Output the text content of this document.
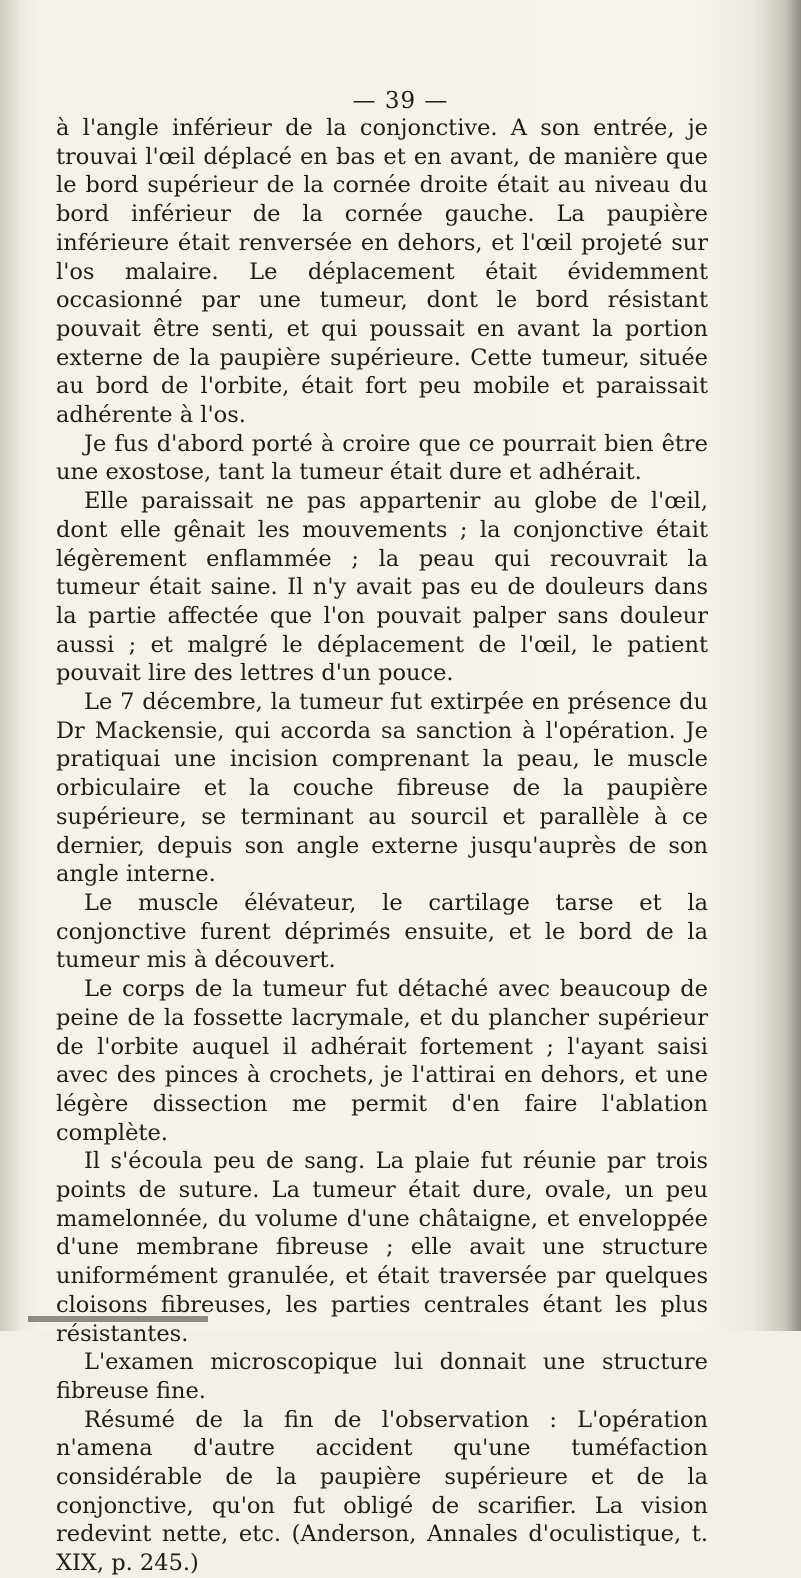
— 39 —

à l'angle inférieur de la conjonctive. A son entrée, je trouvai l'œil déplacé en bas et en avant, de manière que le bord supérieur de la cornée droite était au niveau du bord inférieur de la cornée gauche. La paupière inférieure était renversée en dehors, et l'œil projeté sur l'os malaire. Le déplacement était évidemment occasionné par une tumeur, dont le bord résistant pouvait être senti, et qui poussait en avant la portion externe de la paupière supérieure. Cette tumeur, située au bord de l'orbite, était fort peu mobile et paraissait adhérente à l'os.

Je fus d'abord porté à croire que ce pourrait bien être une exostose, tant la tumeur était dure et adhérait.

Elle paraissait ne pas appartenir au globe de l'œil, dont elle gênait les mouvements ; la conjonctive était légèrement enflammée ; la peau qui recouvrait la tumeur était saine. Il n'y avait pas eu de douleurs dans la partie affectée que l'on pouvait palper sans douleur aussi ; et malgré le déplacement de l'œil, le patient pouvait lire des lettres d'un pouce.

Le 7 décembre, la tumeur fut extirpée en présence du Dr Mackensie, qui accorda sa sanction à l'opération. Je pratiquai une incision comprenant la peau, le muscle orbiculaire et la couche fibreuse de la paupière supérieure, se terminant au sourcil et parallèle à ce dernier, depuis son angle externe jusqu'auprès de son angle interne.

Le muscle élévateur, le cartilage tarse et la conjonctive furent déprimés ensuite, et le bord de la tumeur mis à découvert.

Le corps de la tumeur fut détaché avec beaucoup de peine de la fossette lacrymale, et du plancher supérieur de l'orbite auquel il adhérait fortement ; l'ayant saisi avec des pinces à crochets, je l'attirai en dehors, et une légère dissection me permit d'en faire l'ablation complète.

Il s'écoula peu de sang. La plaie fut réunie par trois points de suture. La tumeur était dure, ovale, un peu mamelonnée, du volume d'une châtaigne, et enveloppée d'une membrane fibreuse ; elle avait une structure uniformément granulée, et était traversée par quelques cloisons fibreuses, les parties centrales étant les plus résistantes.

L'examen microscopique lui donnait une structure fibreuse fine.

Résumé de la fin de l'observation : L'opération n'amena d'autre accident qu'une tuméfaction considérable de la paupière supérieure et de la conjonctive, qu'on fut obligé de scarifier. La vision redevint nette, etc. (Anderson, Annales d'oculistique, t. XIX, p. 245.)
